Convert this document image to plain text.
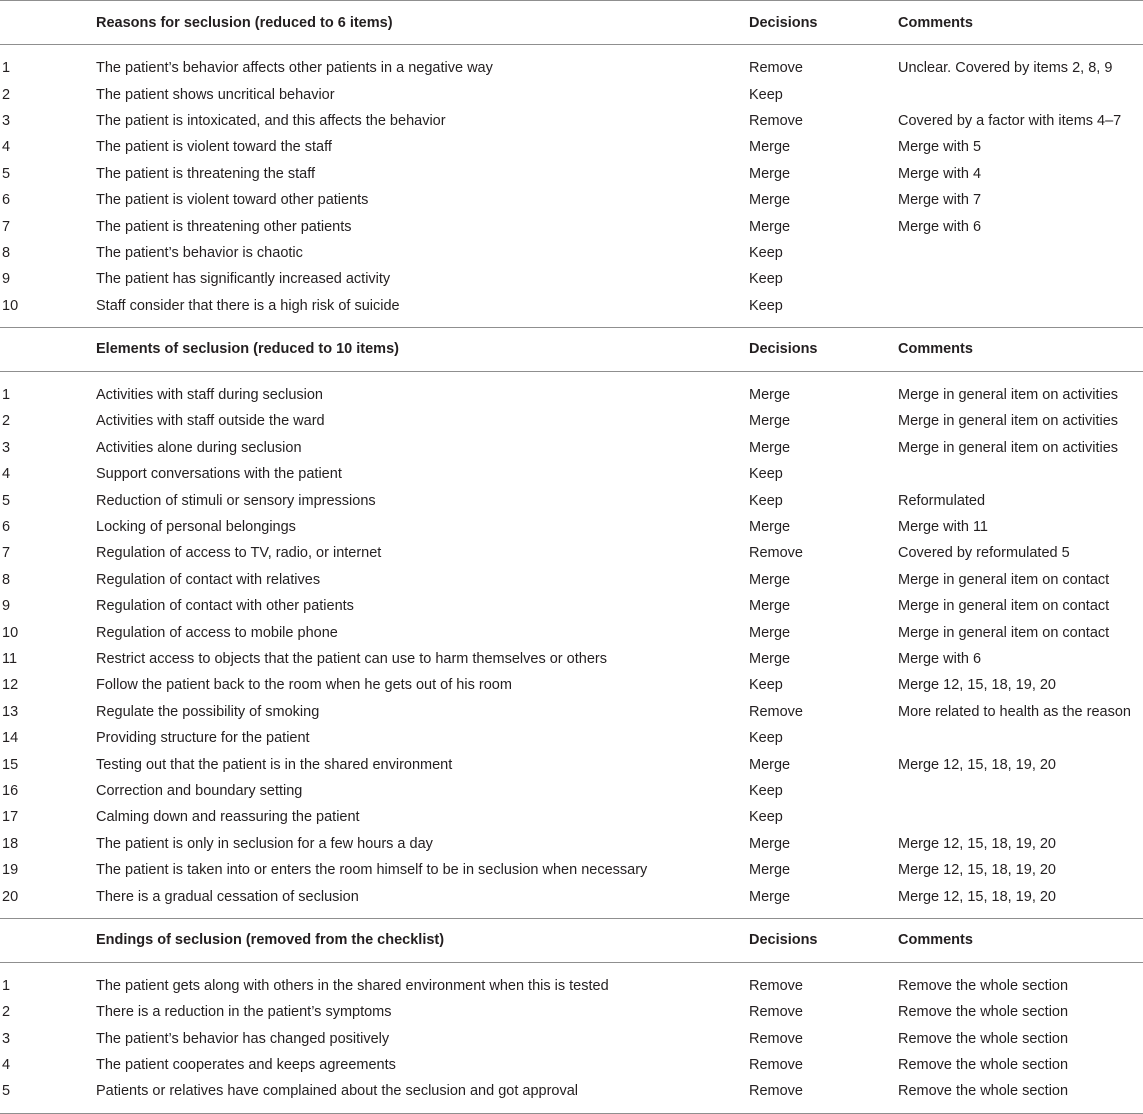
	Reasons for seclusion (reduced to 6 items)	Decisions	Comments

1	The patient’s behavior affects other patients in a negative way	Remove	Unclear. Covered by items 2, 8, 9
2	The patient shows uncritical behavior	Keep	
3	The patient is intoxicated, and this affects the behavior	Remove	Covered by a factor with items 4–7
4	The patient is violent toward the staff	Merge	Merge with 5
5	The patient is threatening the staff	Merge	Merge with 4
6	The patient is violent toward other patients	Merge	Merge with 7
7	The patient is threatening other patients	Merge	Merge with 6
8	The patient’s behavior is chaotic	Keep	
9	The patient has significantly increased activity	Keep	
10	Staff consider that there is a high risk of suicide	Keep	

	Elements of seclusion (reduced to 10 items)	Decisions	Comments

1	Activities with staff during seclusion	Merge	Merge in general item on activities
2	Activities with staff outside the ward	Merge	Merge in general item on activities
3	Activities alone during seclusion	Merge	Merge in general item on activities
4	Support conversations with the patient	Keep	
5	Reduction of stimuli or sensory impressions	Keep	Reformulated
6	Locking of personal belongings	Merge	Merge with 11
7	Regulation of access to TV, radio, or internet	Remove	Covered by reformulated 5
8	Regulation of contact with relatives	Merge	Merge in general item on contact
9	Regulation of contact with other patients	Merge	Merge in general item on contact
10	Regulation of access to mobile phone	Merge	Merge in general item on contact
11	Restrict access to objects that the patient can use to harm themselves or others	Merge	Merge with 6
12	Follow the patient back to the room when he gets out of his room	Keep	Merge 12, 15, 18, 19, 20
13	Regulate the possibility of smoking	Remove	More related to health as the reason
14	Providing structure for the patient	Keep	
15	Testing out that the patient is in the shared environment	Merge	Merge 12, 15, 18, 19, 20
16	Correction and boundary setting	Keep	
17	Calming down and reassuring the patient	Keep	
18	The patient is only in seclusion for a few hours a day	Merge	Merge 12, 15, 18, 19, 20
19	The patient is taken into or enters the room himself to be in seclusion when necessary	Merge	Merge 12, 15, 18, 19, 20
20	There is a gradual cessation of seclusion	Merge	Merge 12, 15, 18, 19, 20

	Endings of seclusion (removed from the checklist)	Decisions	Comments

1	The patient gets along with others in the shared environment when this is tested	Remove	Remove the whole section
2	There is a reduction in the patient’s symptoms	Remove	Remove the whole section
3	The patient’s behavior has changed positively	Remove	Remove the whole section
4	The patient cooperates and keeps agreements	Remove	Remove the whole section
5	Patients or relatives have complained about the seclusion and got approval	Remove	Remove the whole section
